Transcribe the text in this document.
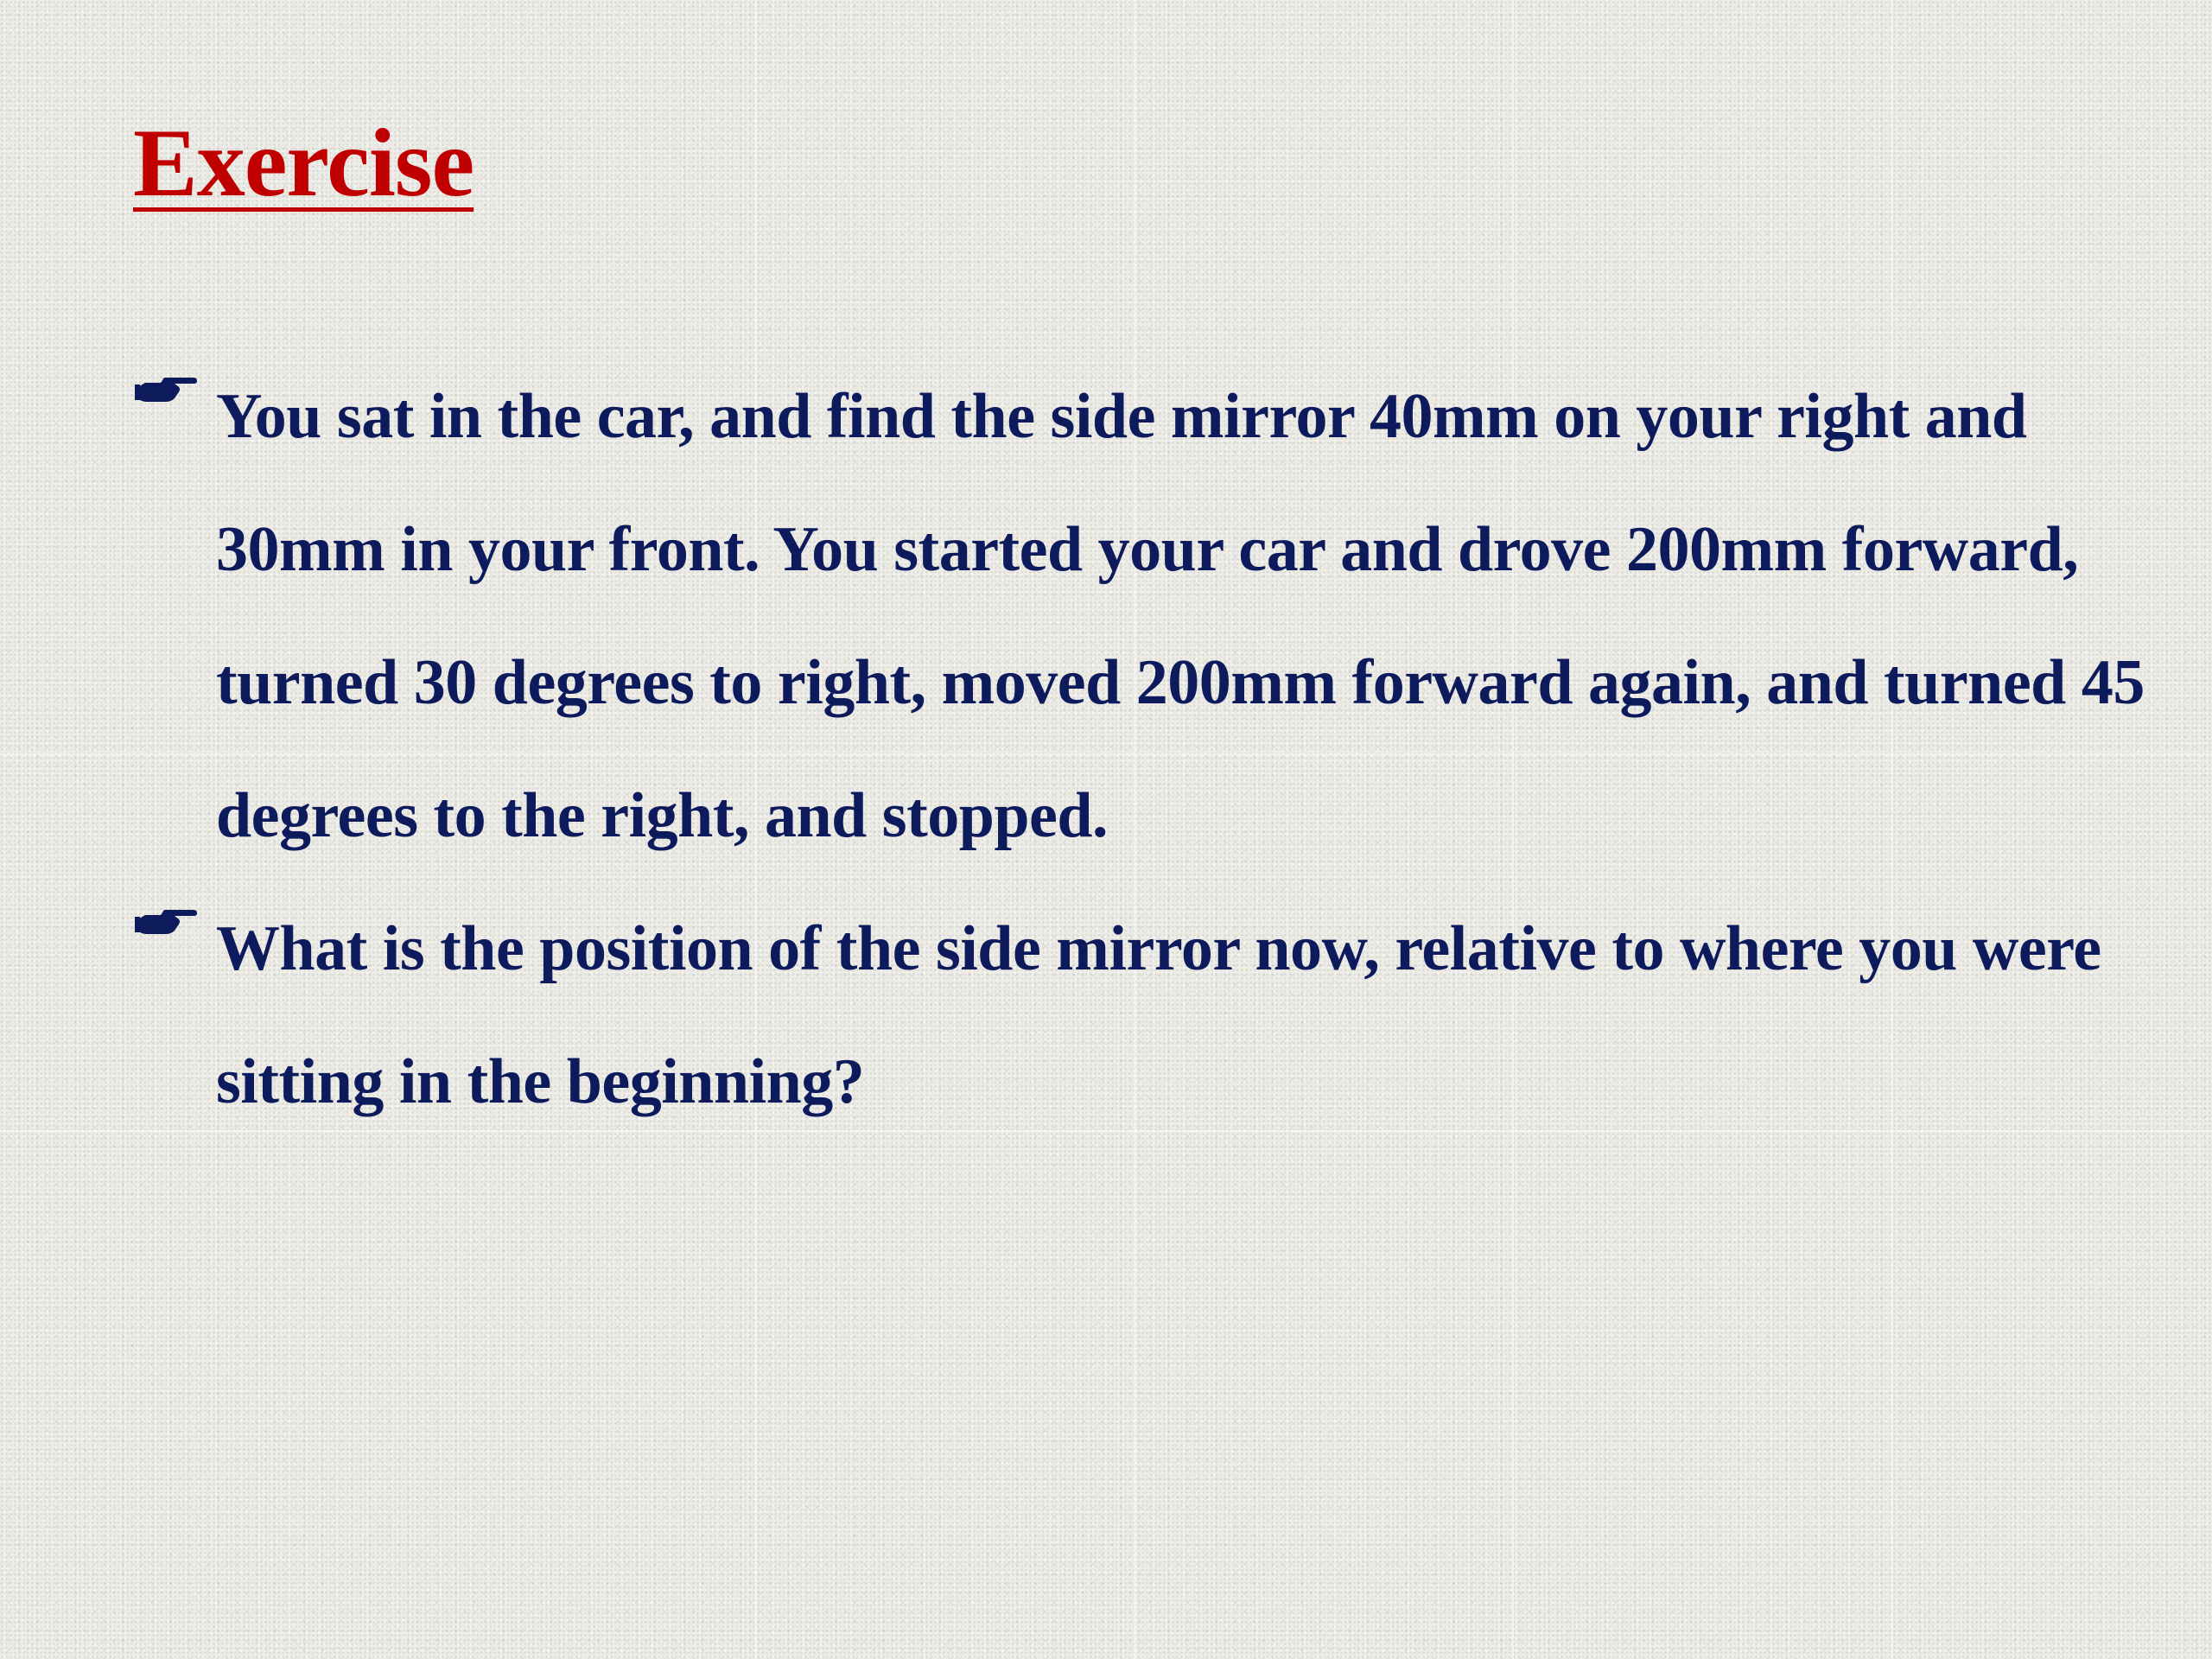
Exercise
You sat in the car, and find the side mirror 40mm on your right and 30mm in your front. You started your car and drove 200mm forward, turned 30 degrees to right, moved 200mm forward again, and turned 45 degrees to the right, and stopped.
What is the position of the side mirror now, relative to where you were sitting in the beginning?
